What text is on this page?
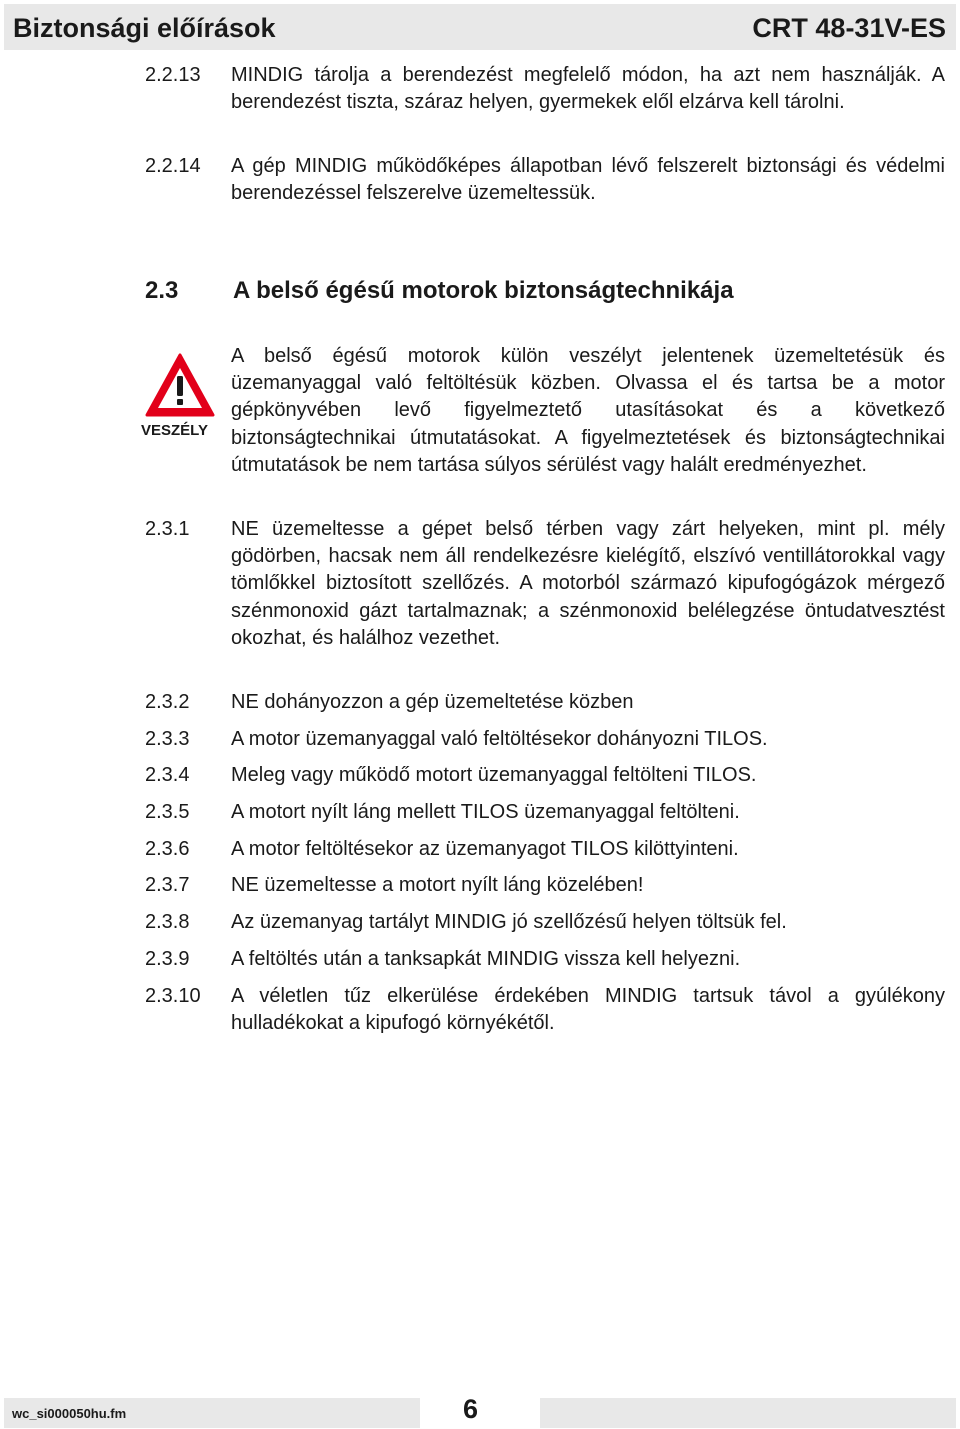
Biztonsági előírások	CRT 48-31V-ES
2.2.13 MINDIG tárolja a berendezést megfelelő módon, ha azt nem használják. A berendezést tiszta, száraz helyen, gyermekek elől elzárva kell tárolni.
2.2.14 A gép MINDIG működőképes állapotban lévő felszerelt biztonsági és védelmi berendezéssel felszerelve üzemeltessük.
2.3 A belső égésű motorok biztonságtechnikája
VESZÉLY
A belső égésű motorok külön veszélyt jelentenek üzemeltetésük és üzemanyaggal való feltöltésük közben. Olvassa el és tartsa be a motor gépkönyvében levő figyelmeztető utasításokat és a következő biztonságtechnikai útmutatásokat. A figyelmeztetések és biztonságtechnikai útmutatások be nem tartása súlyos sérülést vagy halált eredményezhet.
2.3.1 NE üzemeltesse a gépet belső térben vagy zárt helyeken, mint pl. mély gödörben, hacsak nem áll rendelkezésre kielégítő, elszívó ventillátorokkal vagy tömlőkkel biztosított szellőzés. A motorból származó kipufogógázok mérgező szénmonoxid gázt tartalmaznak; a szénmonoxid belélegzése öntudatvesztést okozhat, és halálhoz vezethet.
2.3.2 NE dohányozzon a gép üzemeltetése közben
2.3.3 A motor üzemanyaggal való feltöltésekor dohányozni TILOS.
2.3.4 Meleg vagy működő motort üzemanyaggal feltölteni TILOS.
2.3.5 A motort nyílt láng mellett TILOS üzemanyaggal feltölteni.
2.3.6 A motor feltöltésekor az üzemanyagot TILOS kilöttyinteni.
2.3.7 NE üzemeltesse a motort nyílt láng közelében!
2.3.8 Az üzemanyag tartályt MINDIG jó szellőzésű helyen töltsük fel.
2.3.9 A feltöltés után a tanksapkát MINDIG vissza kell helyezni.
2.3.10 A véletlen tűz elkerülése érdekében MINDIG tartsuk távol a gyúlékony hulladékokat a kipufogó környékétől.
wc_si000050hu.fm	6
